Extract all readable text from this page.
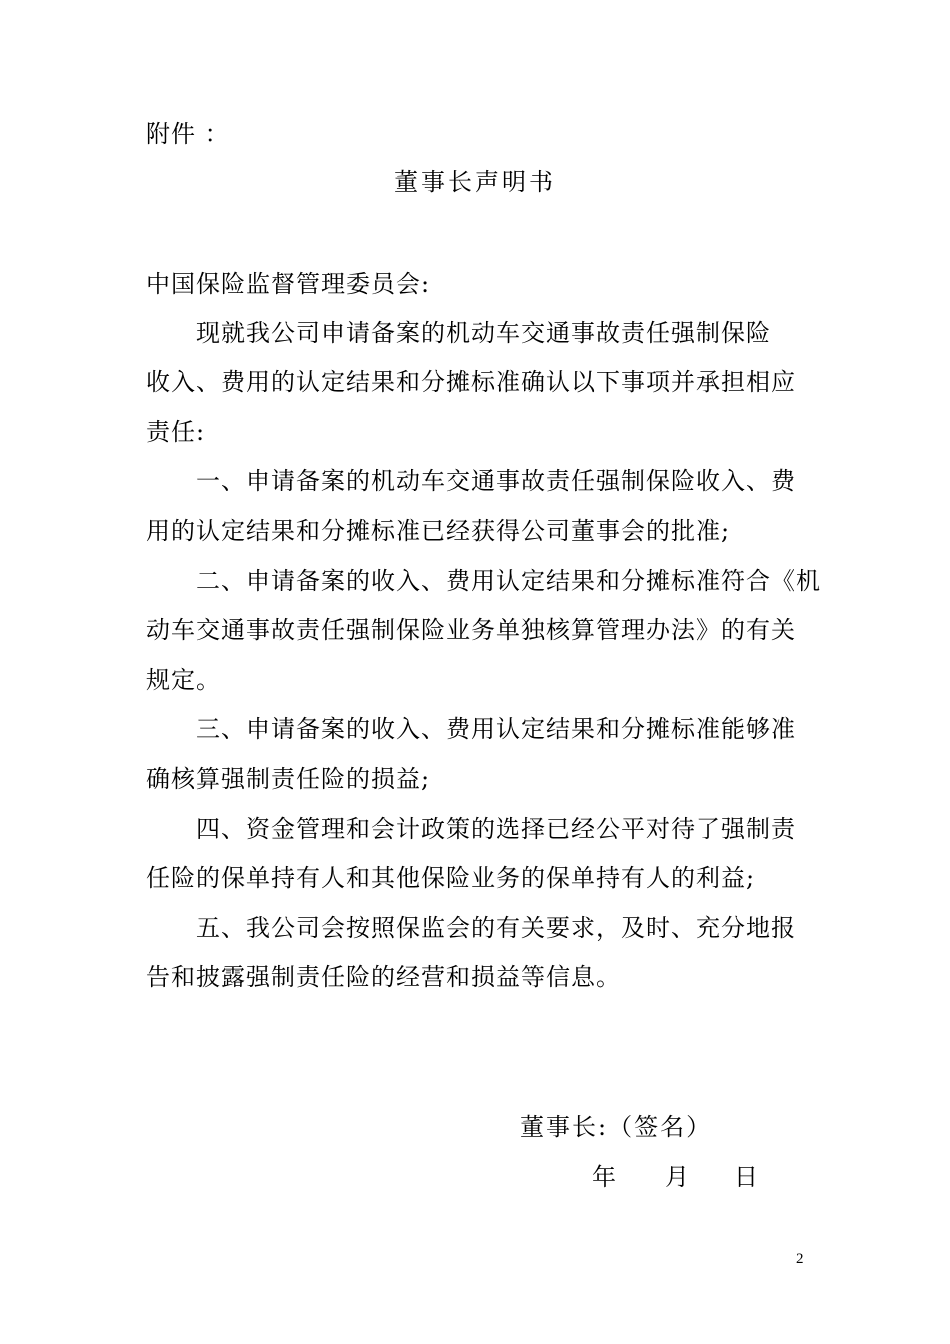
附件 ：
董事长声明书
中国保险监督管理委员会:
现就我公司申请备案的机动车交通事故责任强制保险
收入、费用的认定结果和分摊标准确认以下事项并承担相应
责任:
一、申请备案的机动车交通事故责任强制保险收入、费
用的认定结果和分摊标准已经获得公司董事会的批准;
二、申请备案的收入、费用认定结果和分摊标准符合《机
动车交通事故责任强制保险业务单独核算管理办法》的有关
规定。
三、申请备案的收入、费用认定结果和分摊标准能够准
确核算强制责任险的损益;
四、资金管理和会计政策的选择已经公平对待了强制责
任险的保单持有人和其他保险业务的保单持有人的利益;
五、我公司会按照保监会的有关要求，及时、充分地报
告和披露强制责任险的经营和损益等信息。
董事长:（签名）
年 月 日
2
